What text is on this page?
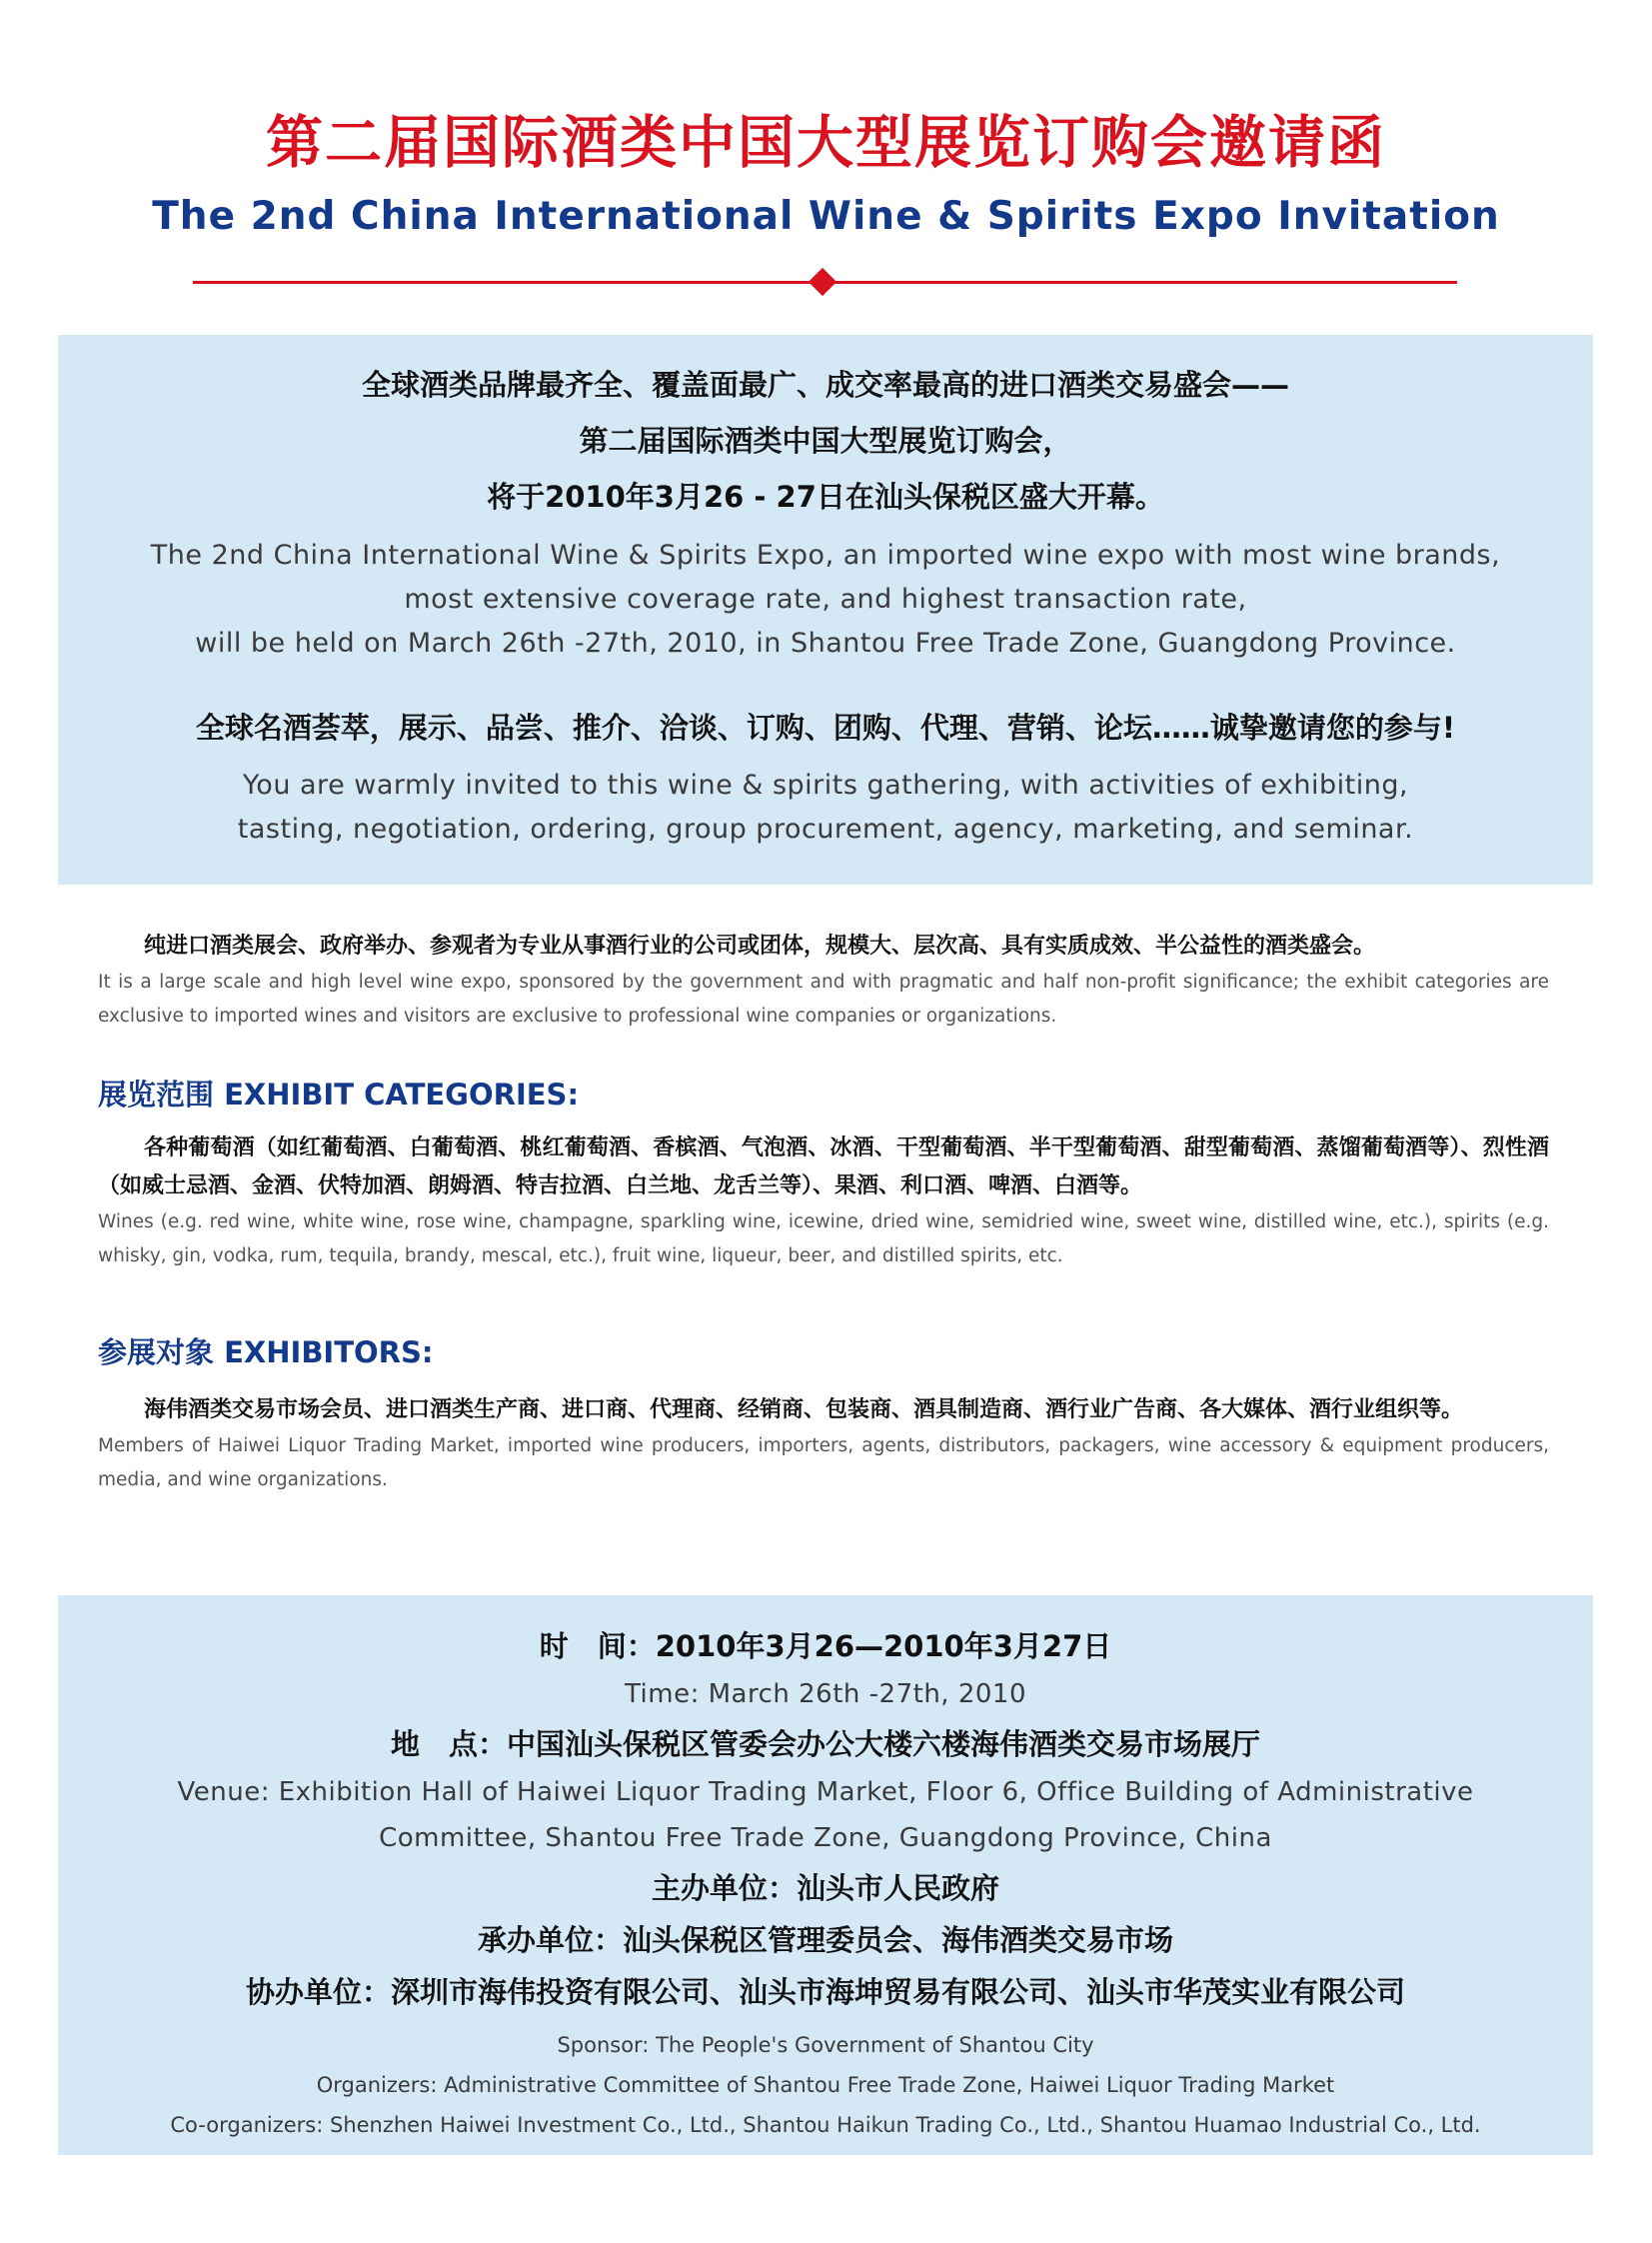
第二届国际酒类中国大型展览订购会邀请函
The 2nd China International Wine & Spirits Expo Invitation
全球酒类品牌最齐全、覆盖面最广、成交率最高的进口酒类交易盛会——
第二届国际酒类中国大型展览订购会，
将于2010年3月26 - 27日在汕头保税区盛大开幕。
The 2nd China International Wine & Spirits Expo, an imported wine expo with most wine brands,
most extensive coverage rate, and highest transaction rate,
will be held on March 26th -27th, 2010, in Shantou Free Trade Zone, Guangdong Province.
全球名酒荟萃，展示、品尝、推介、洽谈、订购、团购、代理、营销、论坛……诚挚邀请您的参与!
You are warmly invited to this wine & spirits gathering, with activities of exhibiting,
tasting, negotiation, ordering, group procurement, agency, marketing, and seminar.

纯进口酒类展会、政府举办、参观者为专业从事酒行业的公司或团体，规模大、层次高、具有实质成效、半公益性的酒类盛会。

It is a large scale and high level wine expo, sponsored by the government and with pragmatic and half non-profit significance; the exhibit categories are exclusive to imported wines and visitors are exclusive to professional wine companies or organizations.

展览范围 EXHIBIT CATEGORIES:

各种葡萄酒（如红葡萄酒、白葡萄酒、桃红葡萄酒、香槟酒、气泡酒、冰酒、干型葡萄酒、半干型葡萄酒、甜型葡萄酒、蒸馏葡萄酒等）、烈性酒（如威士忌酒、金酒、伏特加酒、朗姆酒、特吉拉酒、白兰地、龙舌兰等）、果酒、利口酒、啤酒、白酒等。

Wines (e.g. red wine, white wine, rose wine, champagne, sparkling wine, icewine, dried wine, semidried wine, sweet wine, distilled wine, etc.), spirits (e.g. whisky, gin, vodka, rum, tequila, brandy, mescal, etc.), fruit wine, liqueur, beer, and distilled spirits, etc.

参展对象 EXHIBITORS:

海伟酒类交易市场会员、进口酒类生产商、进口商、代理商、经销商、包装商、酒具制造商、酒行业广告商、各大媒体、酒行业组织等。

Members of Haiwei Liquor Trading Market, imported wine producers, importers, agents, distributors, packagers, wine accessory & equipment producers, media, and wine organizations.

时　间：2010年3月26—2010年3月27日
Time: March 26th -27th, 2010
地　点：中国汕头保税区管委会办公大楼六楼海伟酒类交易市场展厅
Venue: Exhibition Hall of Haiwei Liquor Trading Market, Floor 6, Office Building of Administrative
Committee, Shantou Free Trade Zone, Guangdong Province, China
主办单位：汕头市人民政府
承办单位：汕头保税区管理委员会、海伟酒类交易市场
协办单位：深圳市海伟投资有限公司、汕头市海坤贸易有限公司、汕头市华茂实业有限公司
Sponsor: The People's Government of Shantou City
Organizers: Administrative Committee of Shantou Free Trade Zone, Haiwei Liquor Trading Market
Co-organizers: Shenzhen Haiwei Investment Co., Ltd., Shantou Haikun Trading Co., Ltd., Shantou Huamao Industrial Co., Ltd.
